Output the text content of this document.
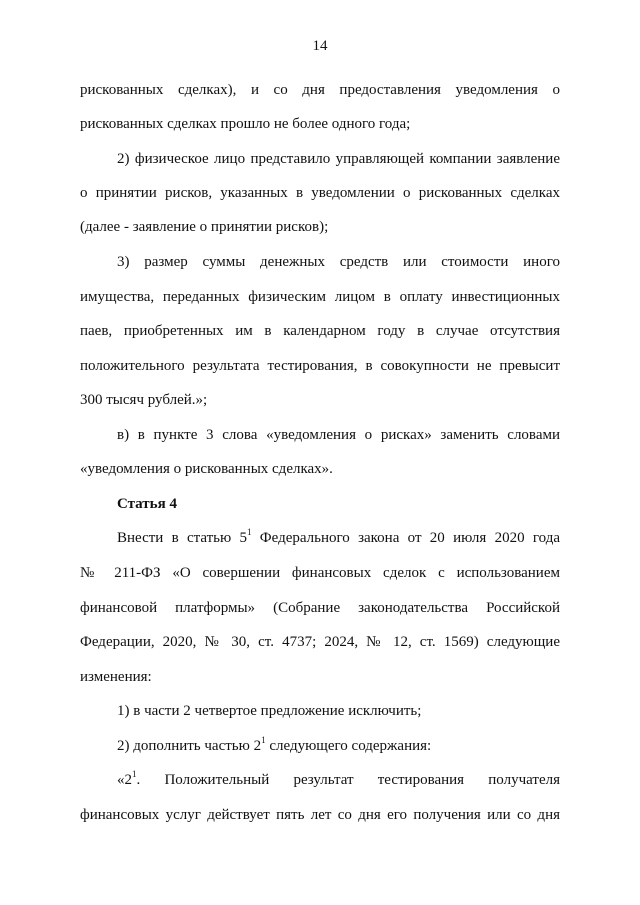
14
рискованных сделках), и со дня предоставления уведомления о
рискованных сделках прошло не более одного года;
2) физическое лицо представило управляющей компании заявление
о принятии рисков, указанных в уведомлении о рискованных сделках
(далее - заявление о принятии рисков);
3) размер суммы денежных средств или стоимости иного
имущества, переданных физическим лицом в оплату инвестиционных
паев, приобретенных им в календарном году в случае отсутствия
положительного результата тестирования, в совокупности не превысит
300 тысяч рублей.»;
в) в пункте 3 слова «уведомления о рисках» заменить словами
«уведомления о рискованных сделках».
Статья 4
Внести в статью $5^1$ Федерального закона от 20 июля 2020 года
№ 211-ФЗ «О совершении финансовых сделок с использованием
финансовой платформы» (Собрание законодательства Российской
Федерации, 2020, № 30, ст. 4737; 2024, № 12, ст. 1569) следующие
изменения:
1) в части 2 четвертое предложение исключить;
2) дополнить частью $2^1$ следующего содержания:
«$2^1$. Положительный результат тестирования получателя
финансовых услуг действует пять лет со дня его получения или со дня
